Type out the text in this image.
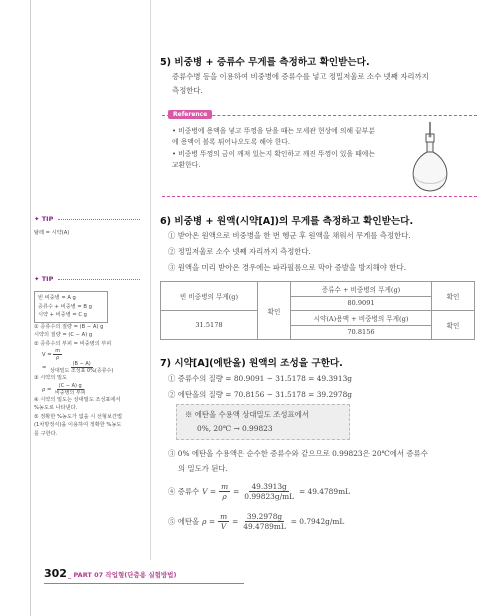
✦ TIP
탈래 = 시약(A)
✦ TIP
빈 비중병 = A g
증류수 + 비중병 = B g
시약 + 비중병 = C g
① 증류수의 질량 = (B − A) g
시약의 질량 = (C − A) g
② 증류수의 부피 = 비중병의 부피
$V = \frac{m}{\rho}$
= $\frac{(B - A)}{\text{상대밀도 조성표 0\%(증류수)}}$
③ 시약의 밀도
$\rho = \frac{(C - A) g}{\text{비중병의 부피}}$
④ 시약의 밀도는 상대밀도 조성표에서
%농도로 나타낸다.
⑤ 정확한 %농도가 없을 시 선형보간법
(1차방정식)을 이용하여 정확한 %농도
를 구한다.
5) 비중병 + 증류수 무게를 측정하고 확인받는다.
증류수병 등을 이용하여 비중병에 증류수를 넣고 정밀저울로 소수 넷째 자리까지
측정한다.
Reference
• 비중병에 용액을 넣고 뚜껑을 닫을 때는 모세관 현상에 의해 끝부분
에 용액이 볼록 튀어나오도록 해야 한다.
• 비중병 뚜껑의 금이 깨져 있는지 확인하고 깨진 뚜껑이 있을 때에는
교환한다.
6) 비중병 + 원액(시약[A])의 무게를 측정하고 확인받는다.
① 받아온 원액으로 비중병을 한 번 헹군 후 원액을 채워서 무게를 측정한다.
② 정밀저울로 소수 넷째 자리까지 측정한다.
③ 원액을 미리 받아온 경우에는 파라필름으로 막아 증발을 방지해야 한다.
빈 비중병의 무게(g)	확인	증류수 + 비중병의 무게(g)	확인
		80.9091	
31.5178		시약(A)용액 + 비중병의 무게(g)	확인
		70.8156	
7) 시약[A](에탄올) 원액의 조성을 구한다.
① 증류수의 질량 = 80.9091 − 31.5178 = 49.3913g
② 에탄올의 질량 = 70.8156 − 31.5178 = 39.2978g
※ 에탄올 수용액 상대밀도 조성표에서
0%, 20℃ → 0.99823
③ 0% 에탄올 수용액은 순수한 증류수와 같으므로 0.99823은 20℃에서 증류수
의 밀도가 된다.
④ 증류수 $V = \frac{m}{\rho} = \frac{49.3913g}{0.99823g/mL} = 49.4789mL$
⑤ 에탄올 $\rho = \frac{m}{V} = \frac{39.2978g}{49.4789mL} = 0.7942g/mL$
302 _ PART 07 작업형(단층용 실험방법)
